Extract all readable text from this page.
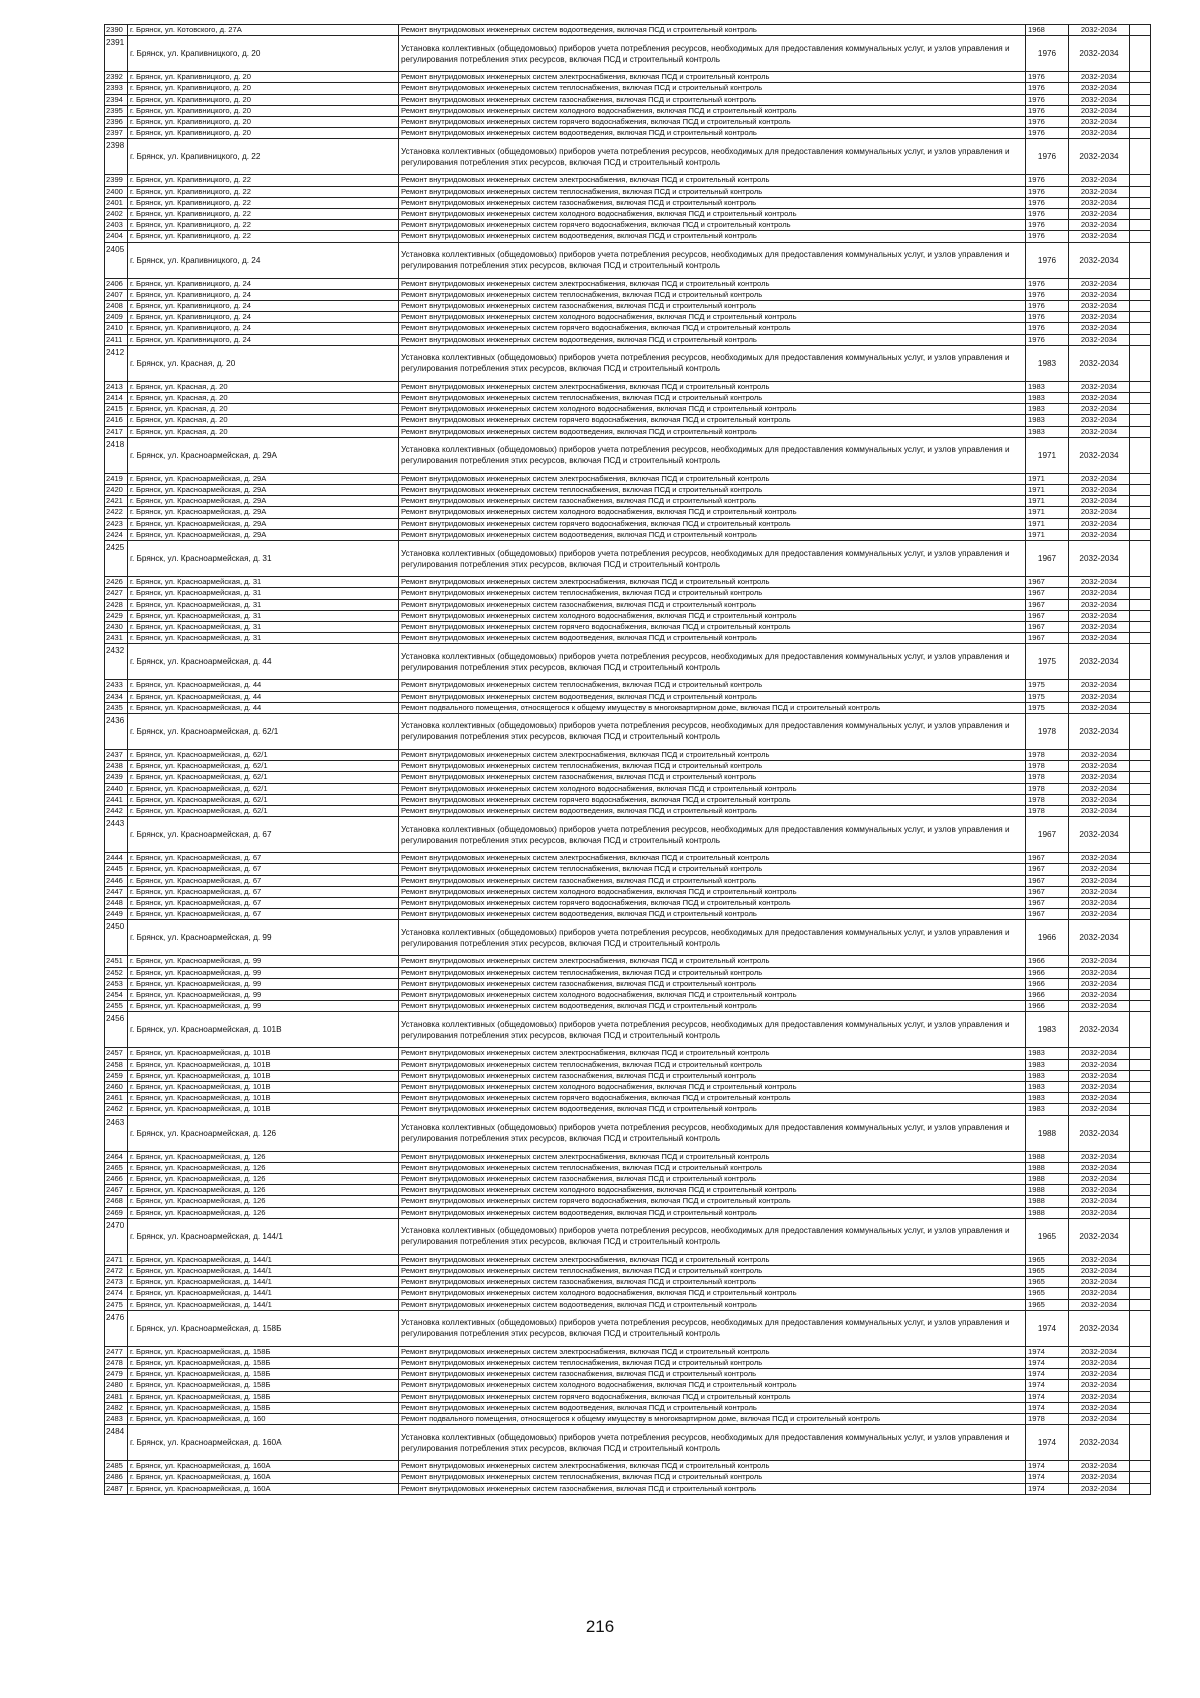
2390	г. Брянск, ул. Котовского, д. 27А	Ремонт внутридомовых инженерных систем водоотведения, включая ПСД и строительный контроль	1968	2032-2034	
2391	г. Брянск, ул. Крапивницкого, д. 20	Установка коллективных (общедомовых) приборов учета потребления ресурсов, необходимых для предоставления коммунальных услуг, и узлов управления и регулирования потребления этих ресурсов, включая ПСД и строительный контроль	1976	2032-2034	
2392	г. Брянск, ул. Крапивницкого, д. 20	Ремонт внутридомовых инженерных систем электроснабжения, включая ПСД и строительный контроль	1976	2032-2034	
2393	г. Брянск, ул. Крапивницкого, д. 20	Ремонт внутридомовых инженерных систем теплоснабжения, включая ПСД и строительный контроль	1976	2032-2034	
2394	г. Брянск, ул. Крапивницкого, д. 20	Ремонт внутридомовых инженерных систем газоснабжения, включая ПСД и строительный контроль	1976	2032-2034	
2395	г. Брянск, ул. Крапивницкого, д. 20	Ремонт внутридомовых инженерных систем холодного водоснабжения, включая ПСД и строительный контроль	1976	2032-2034	
2396	г. Брянск, ул. Крапивницкого, д. 20	Ремонт внутридомовых инженерных систем горячего водоснабжения, включая ПСД и строительный контроль	1976	2032-2034	
2397	г. Брянск, ул. Крапивницкого, д. 20	Ремонт внутридомовых инженерных систем водоотведения, включая ПСД и строительный контроль	1976	2032-2034	
2398	г. Брянск, ул. Крапивницкого, д. 22	Установка коллективных (общедомовых) приборов учета потребления ресурсов, необходимых для предоставления коммунальных услуг, и узлов управления и регулирования потребления этих ресурсов, включая ПСД и строительный контроль	1976	2032-2034	
2399	г. Брянск, ул. Крапивницкого, д. 22	Ремонт внутридомовых инженерных систем электроснабжения, включая ПСД и строительный контроль	1976	2032-2034	
2400	г. Брянск, ул. Крапивницкого, д. 22	Ремонт внутридомовых инженерных систем теплоснабжения, включая ПСД и строительный контроль	1976	2032-2034	
2401	г. Брянск, ул. Крапивницкого, д. 22	Ремонт внутридомовых инженерных систем газоснабжения, включая ПСД и строительный контроль	1976	2032-2034	
2402	г. Брянск, ул. Крапивницкого, д. 22	Ремонт внутридомовых инженерных систем холодного водоснабжения, включая ПСД и строительный контроль	1976	2032-2034	
2403	г. Брянск, ул. Крапивницкого, д. 22	Ремонт внутридомовых инженерных систем горячего водоснабжения, включая ПСД и строительный контроль	1976	2032-2034	
2404	г. Брянск, ул. Крапивницкого, д. 22	Ремонт внутридомовых инженерных систем водоотведения, включая ПСД и строительный контроль	1976	2032-2034	
2405	г. Брянск, ул. Крапивницкого, д. 24	Установка коллективных (общедомовых) приборов учета потребления ресурсов, необходимых для предоставления коммунальных услуг, и узлов управления и регулирования потребления этих ресурсов, включая ПСД и строительный контроль	1976	2032-2034	
2406	г. Брянск, ул. Крапивницкого, д. 24	Ремонт внутридомовых инженерных систем электроснабжения, включая ПСД и строительный контроль	1976	2032-2034	
2407	г. Брянск, ул. Крапивницкого, д. 24	Ремонт внутридомовых инженерных систем теплоснабжения, включая ПСД и строительный контроль	1976	2032-2034	
2408	г. Брянск, ул. Крапивницкого, д. 24	Ремонт внутридомовых инженерных систем газоснабжения, включая ПСД и строительный контроль	1976	2032-2034	
2409	г. Брянск, ул. Крапивницкого, д. 24	Ремонт внутридомовых инженерных систем холодного водоснабжения, включая ПСД и строительный контроль	1976	2032-2034	
2410	г. Брянск, ул. Крапивницкого, д. 24	Ремонт внутридомовых инженерных систем горячего водоснабжения, включая ПСД и строительный контроль	1976	2032-2034	
2411	г. Брянск, ул. Крапивницкого, д. 24	Ремонт внутридомовых инженерных систем водоотведения, включая ПСД и строительный контроль	1976	2032-2034	
2412	г. Брянск, ул. Красная, д. 20	Установка коллективных (общедомовых) приборов учета потребления ресурсов, необходимых для предоставления коммунальных услуг, и узлов управления и регулирования потребления этих ресурсов, включая ПСД и строительный контроль	1983	2032-2034	
2413	г. Брянск, ул. Красная, д. 20	Ремонт внутридомовых инженерных систем электроснабжения, включая ПСД и строительный контроль	1983	2032-2034	
2414	г. Брянск, ул. Красная, д. 20	Ремонт внутридомовых инженерных систем теплоснабжения, включая ПСД и строительный контроль	1983	2032-2034	
2415	г. Брянск, ул. Красная, д. 20	Ремонт внутридомовых инженерных систем холодного водоснабжения, включая ПСД и строительный контроль	1983	2032-2034	
2416	г. Брянск, ул. Красная, д. 20	Ремонт внутридомовых инженерных систем горячего водоснабжения, включая ПСД и строительный контроль	1983	2032-2034	
2417	г. Брянск, ул. Красная, д. 20	Ремонт внутридомовых инженерных систем водоотведения, включая ПСД и строительный контроль	1983	2032-2034	
2418	г. Брянск, ул. Красноармейская, д. 29А	Установка коллективных (общедомовых) приборов учета потребления ресурсов, необходимых для предоставления коммунальных услуг, и узлов управления и регулирования потребления этих ресурсов, включая ПСД и строительный контроль	1971	2032-2034	
2419	г. Брянск, ул. Красноармейская, д. 29А	Ремонт внутридомовых инженерных систем электроснабжения, включая ПСД и строительный контроль	1971	2032-2034	
2420	г. Брянск, ул. Красноармейская, д. 29А	Ремонт внутридомовых инженерных систем теплоснабжения, включая ПСД и строительный контроль	1971	2032-2034	
2421	г. Брянск, ул. Красноармейская, д. 29А	Ремонт внутридомовых инженерных систем газоснабжения, включая ПСД и строительный контроль	1971	2032-2034	
2422	г. Брянск, ул. Красноармейская, д. 29А	Ремонт внутридомовых инженерных систем холодного водоснабжения, включая ПСД и строительный контроль	1971	2032-2034	
2423	г. Брянск, ул. Красноармейская, д. 29А	Ремонт внутридомовых инженерных систем горячего водоснабжения, включая ПСД и строительный контроль	1971	2032-2034	
2424	г. Брянск, ул. Красноармейская, д. 29А	Ремонт внутридомовых инженерных систем водоотведения, включая ПСД и строительный контроль	1971	2032-2034	
2425	г. Брянск, ул. Красноармейская, д. 31	Установка коллективных (общедомовых) приборов учета потребления ресурсов, необходимых для предоставления коммунальных услуг, и узлов управления и регулирования потребления этих ресурсов, включая ПСД и строительный контроль	1967	2032-2034	
2426	г. Брянск, ул. Красноармейская, д. 31	Ремонт внутридомовых инженерных систем электроснабжения, включая ПСД и строительный контроль	1967	2032-2034	
2427	г. Брянск, ул. Красноармейская, д. 31	Ремонт внутридомовых инженерных систем теплоснабжения, включая ПСД и строительный контроль	1967	2032-2034	
2428	г. Брянск, ул. Красноармейская, д. 31	Ремонт внутридомовых инженерных систем газоснабжения, включая ПСД и строительный контроль	1967	2032-2034	
2429	г. Брянск, ул. Красноармейская, д. 31	Ремонт внутридомовых инженерных систем холодного водоснабжения, включая ПСД и строительный контроль	1967	2032-2034	
2430	г. Брянск, ул. Красноармейская, д. 31	Ремонт внутридомовых инженерных систем горячего водоснабжения, включая ПСД и строительный контроль	1967	2032-2034	
2431	г. Брянск, ул. Красноармейская, д. 31	Ремонт внутридомовых инженерных систем водоотведения, включая ПСД и строительный контроль	1967	2032-2034	
2432	г. Брянск, ул. Красноармейская, д. 44	Установка коллективных (общедомовых) приборов учета потребления ресурсов, необходимых для предоставления коммунальных услуг, и узлов управления и регулирования потребления этих ресурсов, включая ПСД и строительный контроль	1975	2032-2034	
2433	г. Брянск, ул. Красноармейская, д. 44	Ремонт внутридомовых инженерных систем теплоснабжения, включая ПСД и строительный контроль	1975	2032-2034	
2434	г. Брянск, ул. Красноармейская, д. 44	Ремонт внутридомовых инженерных систем водоотведения, включая ПСД и строительный контроль	1975	2032-2034	
2435	г. Брянск, ул. Красноармейская, д. 44	Ремонт подвального помещения, относящегося к общему имуществу в многоквартирном доме, включая ПСД и строительный контроль	1975	2032-2034	
2436	г. Брянск, ул. Красноармейская, д. 62/1	Установка коллективных (общедомовых) приборов учета потребления ресурсов, необходимых для предоставления коммунальных услуг, и узлов управления и регулирования потребления этих ресурсов, включая ПСД и строительный контроль	1978	2032-2034	
2437	г. Брянск, ул. Красноармейская, д. 62/1	Ремонт внутридомовых инженерных систем электроснабжения, включая ПСД и строительный контроль	1978	2032-2034	
2438	г. Брянск, ул. Красноармейская, д. 62/1	Ремонт внутридомовых инженерных систем теплоснабжения, включая ПСД и строительный контроль	1978	2032-2034	
2439	г. Брянск, ул. Красноармейская, д. 62/1	Ремонт внутридомовых инженерных систем газоснабжения, включая ПСД и строительный контроль	1978	2032-2034	
2440	г. Брянск, ул. Красноармейская, д. 62/1	Ремонт внутридомовых инженерных систем холодного водоснабжения, включая ПСД и строительный контроль	1978	2032-2034	
2441	г. Брянск, ул. Красноармейская, д. 62/1	Ремонт внутридомовых инженерных систем горячего водоснабжения, включая ПСД и строительный контроль	1978	2032-2034	
2442	г. Брянск, ул. Красноармейская, д. 62/1	Ремонт внутридомовых инженерных систем водоотведения, включая ПСД и строительный контроль	1978	2032-2034	
2443	г. Брянск, ул. Красноармейская, д. 67	Установка коллективных (общедомовых) приборов учета потребления ресурсов, необходимых для предоставления коммунальных услуг, и узлов управления и регулирования потребления этих ресурсов, включая ПСД и строительный контроль	1967	2032-2034	
2444	г. Брянск, ул. Красноармейская, д. 67	Ремонт внутридомовых инженерных систем электроснабжения, включая ПСД и строительный контроль	1967	2032-2034	
2445	г. Брянск, ул. Красноармейская, д. 67	Ремонт внутридомовых инженерных систем теплоснабжения, включая ПСД и строительный контроль	1967	2032-2034	
2446	г. Брянск, ул. Красноармейская, д. 67	Ремонт внутридомовых инженерных систем газоснабжения, включая ПСД и строительный контроль	1967	2032-2034	
2447	г. Брянск, ул. Красноармейская, д. 67	Ремонт внутридомовых инженерных систем холодного водоснабжения, включая ПСД и строительный контроль	1967	2032-2034	
2448	г. Брянск, ул. Красноармейская, д. 67	Ремонт внутридомовых инженерных систем горячего водоснабжения, включая ПСД и строительный контроль	1967	2032-2034	
2449	г. Брянск, ул. Красноармейская, д. 67	Ремонт внутридомовых инженерных систем водоотведения, включая ПСД и строительный контроль	1967	2032-2034	
2450	г. Брянск, ул. Красноармейская, д. 99	Установка коллективных (общедомовых) приборов учета потребления ресурсов, необходимых для предоставления коммунальных услуг, и узлов управления и регулирования потребления этих ресурсов, включая ПСД и строительный контроль	1966	2032-2034	
2451	г. Брянск, ул. Красноармейская, д. 99	Ремонт внутридомовых инженерных систем электроснабжения, включая ПСД и строительный контроль	1966	2032-2034	
2452	г. Брянск, ул. Красноармейская, д. 99	Ремонт внутридомовых инженерных систем теплоснабжения, включая ПСД и строительный контроль	1966	2032-2034	
2453	г. Брянск, ул. Красноармейская, д. 99	Ремонт внутридомовых инженерных систем газоснабжения, включая ПСД и строительный контроль	1966	2032-2034	
2454	г. Брянск, ул. Красноармейская, д. 99	Ремонт внутридомовых инженерных систем холодного водоснабжения, включая ПСД и строительный контроль	1966	2032-2034	
2455	г. Брянск, ул. Красноармейская, д. 99	Ремонт внутридомовых инженерных систем водоотведения, включая ПСД и строительный контроль	1966	2032-2034	
2456	г. Брянск, ул. Красноармейская, д. 101В	Установка коллективных (общедомовых) приборов учета потребления ресурсов, необходимых для предоставления коммунальных услуг, и узлов управления и регулирования потребления этих ресурсов, включая ПСД и строительный контроль	1983	2032-2034	
2457	г. Брянск, ул. Красноармейская, д. 101В	Ремонт внутридомовых инженерных систем электроснабжения, включая ПСД и строительный контроль	1983	2032-2034	
2458	г. Брянск, ул. Красноармейская, д. 101В	Ремонт внутридомовых инженерных систем теплоснабжения, включая ПСД и строительный контроль	1983	2032-2034	
2459	г. Брянск, ул. Красноармейская, д. 101В	Ремонт внутридомовых инженерных систем газоснабжения, включая ПСД и строительный контроль	1983	2032-2034	
2460	г. Брянск, ул. Красноармейская, д. 101В	Ремонт внутридомовых инженерных систем холодного водоснабжения, включая ПСД и строительный контроль	1983	2032-2034	
2461	г. Брянск, ул. Красноармейская, д. 101В	Ремонт внутридомовых инженерных систем горячего водоснабжения, включая ПСД и строительный контроль	1983	2032-2034	
2462	г. Брянск, ул. Красноармейская, д. 101В	Ремонт внутридомовых инженерных систем водоотведения, включая ПСД и строительный контроль	1983	2032-2034	
2463	г. Брянск, ул. Красноармейская, д. 126	Установка коллективных (общедомовых) приборов учета потребления ресурсов, необходимых для предоставления коммунальных услуг, и узлов управления и регулирования потребления этих ресурсов, включая ПСД и строительный контроль	1988	2032-2034	
2464	г. Брянск, ул. Красноармейская, д. 126	Ремонт внутридомовых инженерных систем электроснабжения, включая ПСД и строительный контроль	1988	2032-2034	
2465	г. Брянск, ул. Красноармейская, д. 126	Ремонт внутридомовых инженерных систем теплоснабжения, включая ПСД и строительный контроль	1988	2032-2034	
2466	г. Брянск, ул. Красноармейская, д. 126	Ремонт внутридомовых инженерных систем газоснабжения, включая ПСД и строительный контроль	1988	2032-2034	
2467	г. Брянск, ул. Красноармейская, д. 126	Ремонт внутридомовых инженерных систем холодного водоснабжения, включая ПСД и строительный контроль	1988	2032-2034	
2468	г. Брянск, ул. Красноармейская, д. 126	Ремонт внутридомовых инженерных систем горячего водоснабжения, включая ПСД и строительный контроль	1988	2032-2034	
2469	г. Брянск, ул. Красноармейская, д. 126	Ремонт внутридомовых инженерных систем водоотведения, включая ПСД и строительный контроль	1988	2032-2034	
2470	г. Брянск, ул. Красноармейская, д. 144/1	Установка коллективных (общедомовых) приборов учета потребления ресурсов, необходимых для предоставления коммунальных услуг, и узлов управления и регулирования потребления этих ресурсов, включая ПСД и строительный контроль	1965	2032-2034	
2471	г. Брянск, ул. Красноармейская, д. 144/1	Ремонт внутридомовых инженерных систем электроснабжения, включая ПСД и строительный контроль	1965	2032-2034	
2472	г. Брянск, ул. Красноармейская, д. 144/1	Ремонт внутридомовых инженерных систем теплоснабжения, включая ПСД и строительный контроль	1965	2032-2034	
2473	г. Брянск, ул. Красноармейская, д. 144/1	Ремонт внутридомовых инженерных систем газоснабжения, включая ПСД и строительный контроль	1965	2032-2034	
2474	г. Брянск, ул. Красноармейская, д. 144/1	Ремонт внутридомовых инженерных систем холодного водоснабжения, включая ПСД и строительный контроль	1965	2032-2034	
2475	г. Брянск, ул. Красноармейская, д. 144/1	Ремонт внутридомовых инженерных систем водоотведения, включая ПСД и строительный контроль	1965	2032-2034	
2476	г. Брянск, ул. Красноармейская, д. 158Б	Установка коллективных (общедомовых) приборов учета потребления ресурсов, необходимых для предоставления коммунальных услуг, и узлов управления и регулирования потребления этих ресурсов, включая ПСД и строительный контроль	1974	2032-2034	
2477	г. Брянск, ул. Красноармейская, д. 158Б	Ремонт внутридомовых инженерных систем электроснабжения, включая ПСД и строительный контроль	1974	2032-2034	
2478	г. Брянск, ул. Красноармейская, д. 158Б	Ремонт внутридомовых инженерных систем теплоснабжения, включая ПСД и строительный контроль	1974	2032-2034	
2479	г. Брянск, ул. Красноармейская, д. 158Б	Ремонт внутридомовых инженерных систем газоснабжения, включая ПСД и строительный контроль	1974	2032-2034	
2480	г. Брянск, ул. Красноармейская, д. 158Б	Ремонт внутридомовых инженерных систем холодного водоснабжения, включая ПСД и строительный контроль	1974	2032-2034	
2481	г. Брянск, ул. Красноармейская, д. 158Б	Ремонт внутридомовых инженерных систем горячего водоснабжения, включая ПСД и строительный контроль	1974	2032-2034	
2482	г. Брянск, ул. Красноармейская, д. 158Б	Ремонт внутридомовых инженерных систем водоотведения, включая ПСД и строительный контроль	1974	2032-2034	
2483	г. Брянск, ул. Красноармейская, д. 160	Ремонт подвального помещения, относящегося к общему имуществу в многоквартирном доме, включая ПСД и строительный контроль	1978	2032-2034	
2484	г. Брянск, ул. Красноармейская, д. 160А	Установка коллективных (общедомовых) приборов учета потребления ресурсов, необходимых для предоставления коммунальных услуг, и узлов управления и регулирования потребления этих ресурсов, включая ПСД и строительный контроль	1974	2032-2034	
2485	г. Брянск, ул. Красноармейская, д. 160А	Ремонт внутридомовых инженерных систем электроснабжения, включая ПСД и строительный контроль	1974	2032-2034	
2486	г. Брянск, ул. Красноармейская, д. 160А	Ремонт внутридомовых инженерных систем теплоснабжения, включая ПСД и строительный контроль	1974	2032-2034	
2487	г. Брянск, ул. Красноармейская, д. 160А	Ремонт внутридомовых инженерных систем газоснабжения, включая ПСД и строительный контроль	1974	2032-2034	
216
